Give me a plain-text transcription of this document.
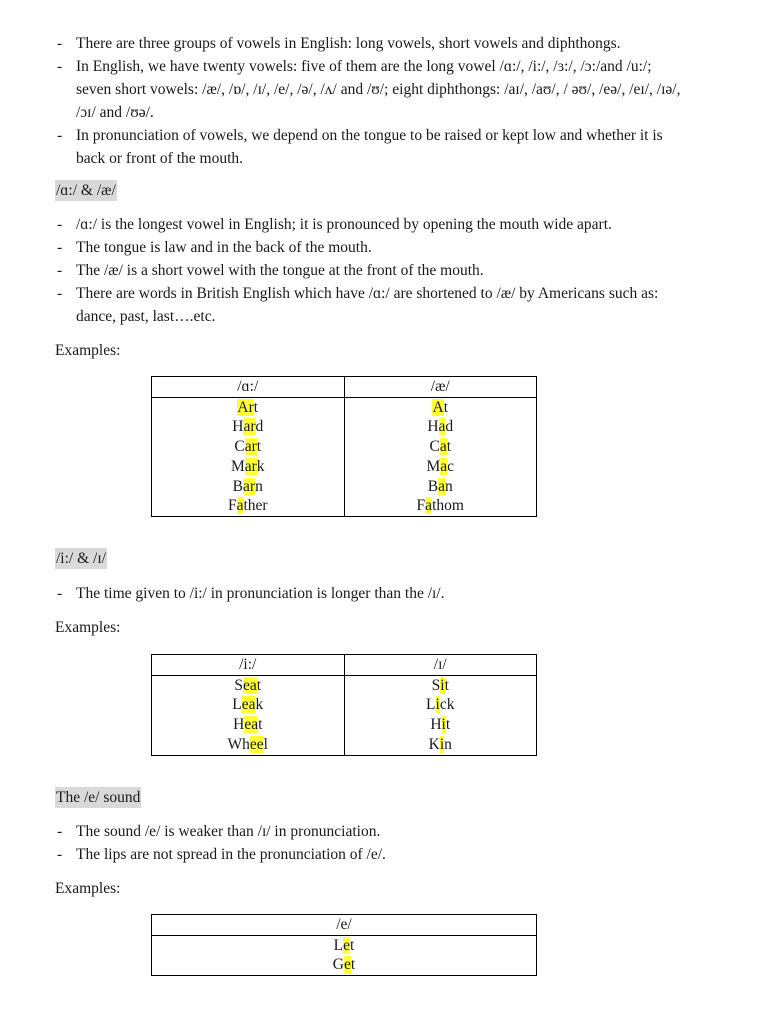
- There are three groups of vowels in English: long vowels, short vowels and diphthongs.
- In English, we have twenty vowels: five of them are the long vowel /ɑ:/, /i:/, /ɜ:/, /ɔ:/and /u:/; seven short vowels: /æ/, /ɒ/, /ɪ/, /e/, /ə/, /ʌ/ and /ʊ/; eight diphthongs: /aɪ/, /aʊ/, / əʊ/, /eə/, /eɪ/, /ɪə/, /ɔɪ/ and /ʊə/.
- In pronunciation of vowels, we depend on the tongue to be raised or kept low and whether it is back or front of the mouth.
/ɑ:/ & /æ/
- /ɑ:/ is the longest vowel in English; it is pronounced by opening the mouth wide apart.
- The tongue is law and in the back of the mouth.
- The /æ/ is a short vowel with the tongue at the front of the mouth.
- There are words in British English which have /ɑ:/ are shortened to /æ/ by Americans such as: dance, past, last….etc.
Examples:
/ɑ:/	/æ/
Art	At
Hard	Had
Cart	Cat
Mark	Mac
Barn	Ban
Father	Fathom
/i:/ & /ɪ/
- The time given to /i:/ in pronunciation is longer than the /ɪ/.
Examples:
/i:/	/ɪ/
Seat	Sit
Leak	Lick
Heat	Hit
Wheel	Kin
The /e/ sound
- The sound /e/ is weaker than /ɪ/ in pronunciation.
- The lips are not spread in the pronunciation of /e/.
Examples:
/e/
Let
Get
